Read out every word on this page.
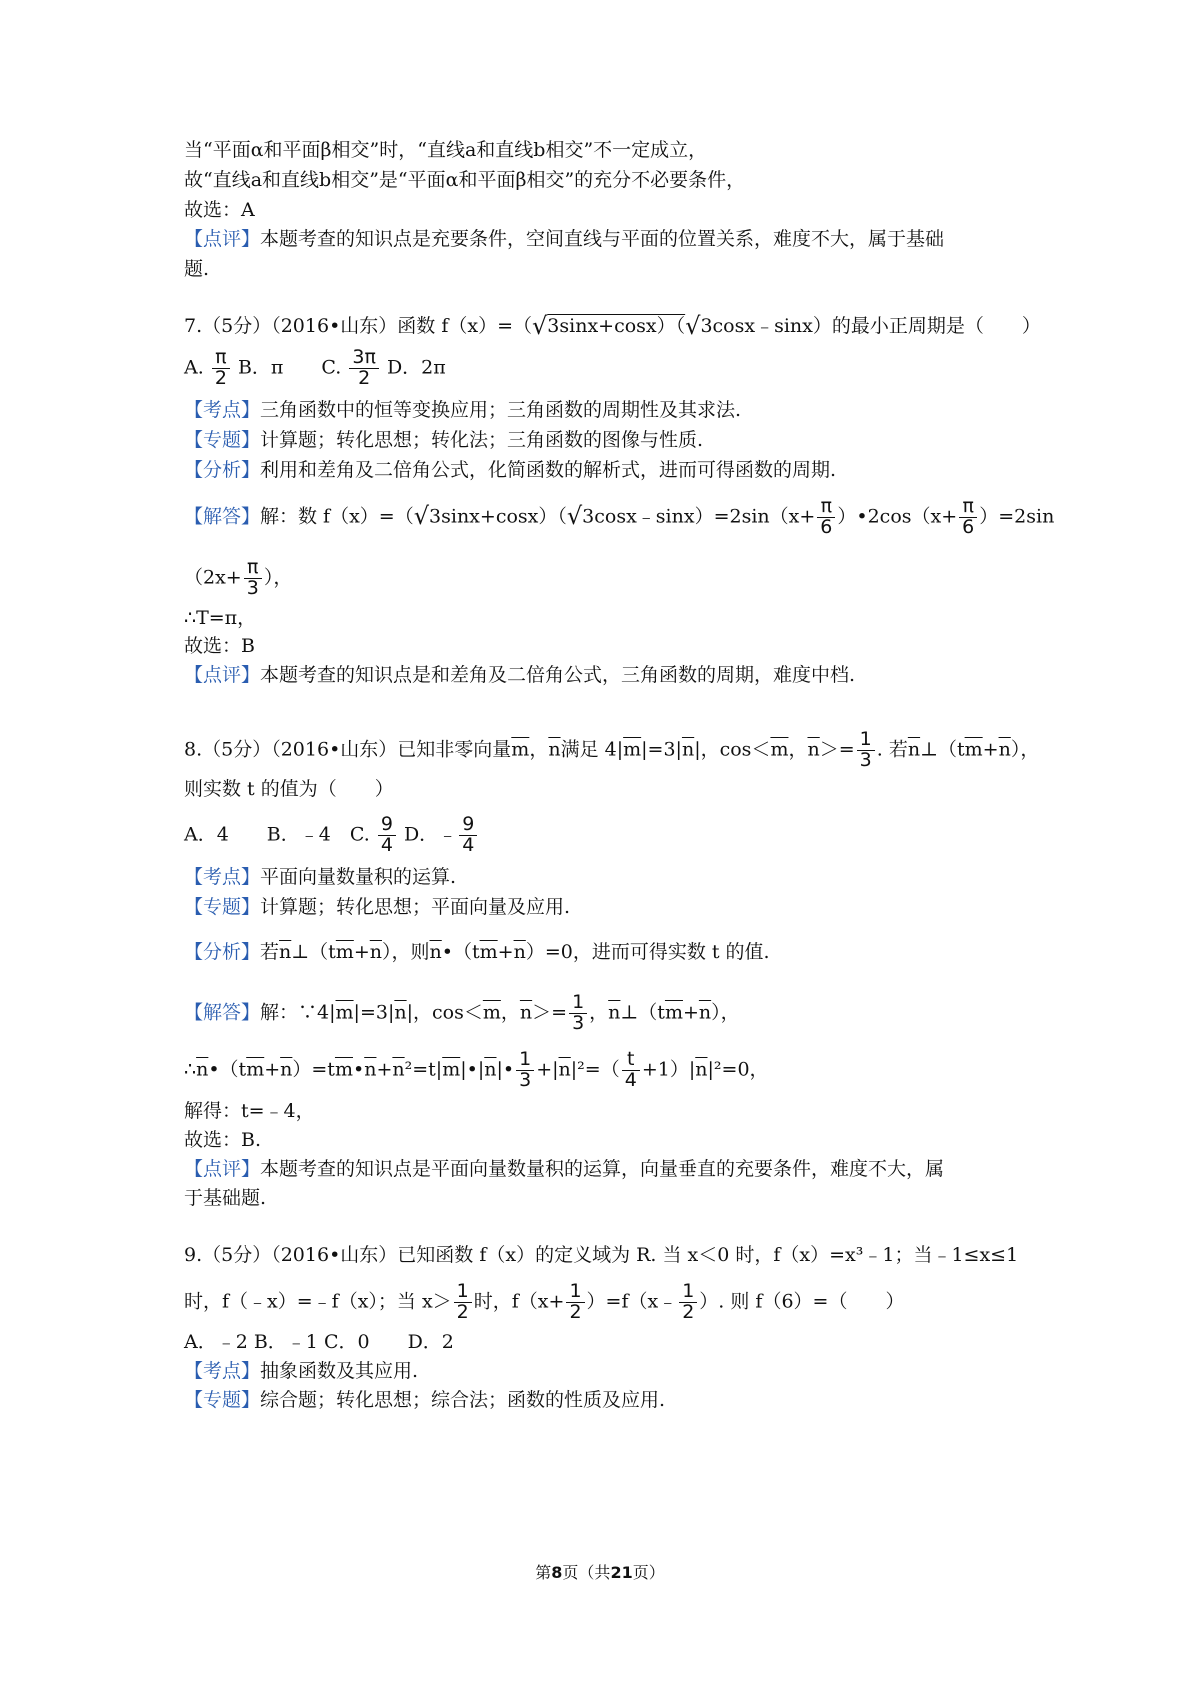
当“平面α和平面β相交”时，“直线a和直线b相交”不一定成立，
故“直线a和直线b相交”是“平面α和平面β相交”的充分不必要条件，
故选：A
【点评】本题考查的知识点是充要条件，空间直线与平面的位置关系，难度不大，属于基础
题.
7.（5分）（2016•山东）函数 f（x）=（√3sinx+cosx）（√3cosx﹣sinx）的最小正周期是（　　）
A. $\frac{\pi}{2}$ B．π　　C. $\frac{3\pi}{2}$ D．2π
【考点】三角函数中的恒等变换应用；三角函数的周期性及其求法.
【专题】计算题；转化思想；转化法；三角函数的图像与性质.
【分析】利用和差角及二倍角公式，化简函数的解析式，进而可得函数的周期.
【解答】解：数 f（x）=（√3sinx+cosx）（√3cosx﹣sinx）=2sin（x+ $\frac{\pi}{6}$ ）•2cos（x+ $\frac{\pi}{6} )=2\sin$
（$2x+ \frac{\pi}{3}$ ），
∴T=π，
故选：B
【点评】本题考查的知识点是和差角及二倍角公式，三角函数的周期，难度中档.
8.（5分）（2016•山东）已知非零向量$\overline{m}$，$\overline{n}$满足 $4|\overline{m}|=3|\overline{n}|$，$\cos<\overline{m}$，$\overline{n}>= \frac{1}{3}$ . 若$\overline{n}\perp(t\overline{m}+\overline{n})$，
则实数 t 的值为（　　）
A．4　　B．﹣4　C. $\frac{9}{4}$ D．﹣ $\frac{9}{4}$
【考点】平面向量数量积的运算.
【专题】计算题；转化思想；平面向量及应用.
【分析】若$\overline{n}\perp(t\overline{m}+\overline{n})$，则$\overline{n}•(t\overline{m}+\overline{n})=0$，进而可得实数 t 的值.
【解答】解：$\because 4|\overline{m}|=3|\overline{n}|$，$\cos<\overline{m}$，$\overline{n}>= \frac{1}{3}$ ，$\overline{n}\perp(t\overline{m}+\overline{n})$，
$\therefore\overline{n}•(t\overline{m}+\overline{n})=t\overline{m}•\overline{n}+\overline{n}^2=t|\overline{m}|•|\overline{n}|• \frac{1}{3} +|\overline{n}|^2=( \frac{t}{4} +1)|\overline{n}|^2=0$，
解得：t=﹣4，
故选：B.
【点评】本题考查的知识点是平面向量数量积的运算，向量垂直的充要条件，难度不大，属
于基础题.
9.（5分）（2016•山东）已知函数 f（x）的定义域为 R. 当 x＜0 时，f（x）=x³﹣1；当﹣1≤x≤1
时，f（﹣x）=﹣f（x）；当 $x> \frac{1}{2}$ 时，$f(x+ \frac{1}{2}$ ）=f（x﹣ $\frac{1}{2}$ ）. 则 f（6）=（　　）
A．﹣2 B．﹣1 C．0　　D．2
【考点】抽象函数及其应用.
【专题】综合题；转化思想；综合法；函数的性质及应用.
第8页（共21页）
